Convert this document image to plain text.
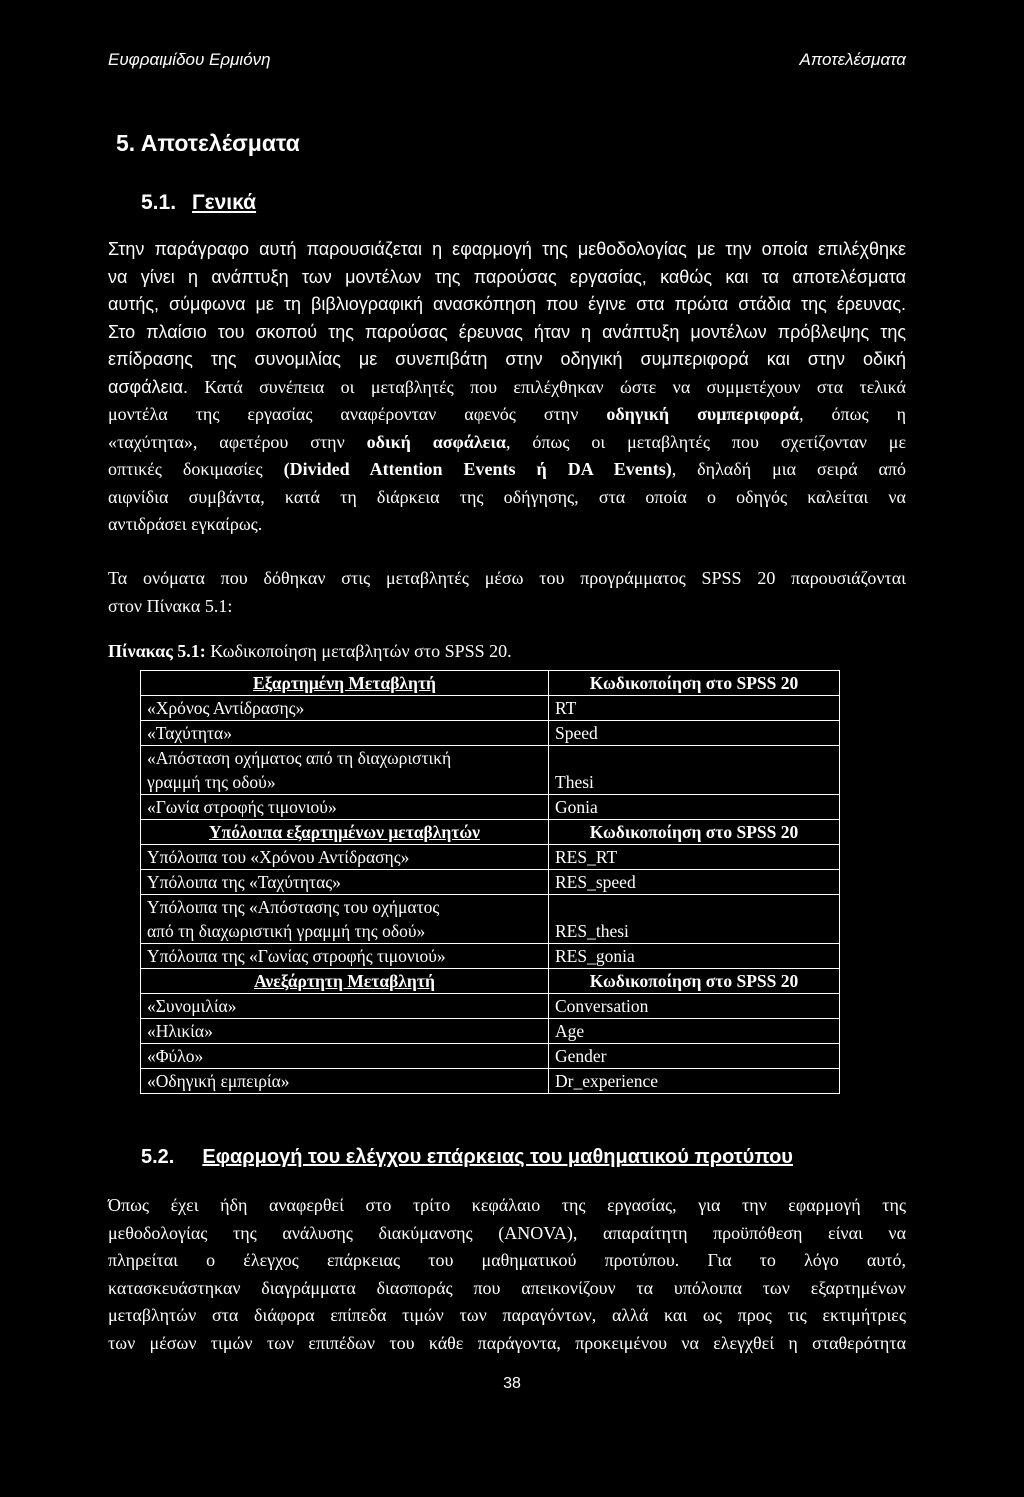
Ευφραιμίδου Ερμιόνη	Αποτελέσματα
5. Αποτελέσματα
5.1. Γενικά
Στην παράγραφο αυτή παρουσιάζεται η εφαρμογή της μεθοδολογίας με την οποία επιλέχθηκε
να γίνει η ανάπτυξη των μοντέλων της παρούσας εργασίας, καθώς και τα αποτελέσματα
αυτής, σύμφωνα με τη βιβλιογραφική ανασκόπηση που έγινε στα πρώτα στάδια της έρευνας.
Στο πλαίσιο του σκοπού της παρούσας έρευνας ήταν η ανάπτυξη μοντέλων πρόβλεψης της
επίδρασης της συνομιλίας με συνεπιβάτη στην οδηγική συμπεριφορά και στην οδική
ασφάλεια. Κατά συνέπεια οι μεταβλητές που επιλέχθηκαν ώστε να συμμετέχουν στα τελικά
μοντέλα της εργασίας αναφέρονταν αφενός στην οδηγική συμπεριφορά, όπως η
«ταχύτητα», αφετέρου στην οδική ασφάλεια, όπως οι μεταβλητές που σχετίζονταν με
οπτικές δοκιμασίες (Divided Attention Events ή DA Events), δηλαδή μια σειρά από
αιφνίδια συμβάντα, κατά τη διάρκεια της οδήγησης, στα οποία ο οδηγός καλείται να
αντιδράσει εγκαίρως.
Τα ονόματα που δόθηκαν στις μεταβλητές μέσω του προγράμματος SPSS 20 παρουσιάζονται
στον Πίνακα 5.1:
Πίνακας 5.1: Κωδικοποίηση μεταβλητών στο SPSS 20.
Εξαρτημένη Μεταβλητή	Κωδικοποίηση στο SPSS 20
«Χρόνος Αντίδρασης»	RT
«Ταχύτητα»	Speed
«Απόσταση οχήματος από τη διαχωριστική
γραμμή της οδού»	Thesi
«Γωνία στροφής τιμονιού»	Gonia
Υπόλοιπα εξαρτημένων μεταβλητών	Κωδικοποίηση στο SPSS 20
Υπόλοιπα του «Χρόνου Αντίδρασης»	RES_RT
Υπόλοιπα της «Ταχύτητας»	RES_speed
Υπόλοιπα της «Απόστασης του οχήματος
από τη διαχωριστική γραμμή της οδού»	RES_thesi
Υπόλοιπα της «Γωνίας στροφής τιμονιού»	RES_gonia
Ανεξάρτητη Μεταβλητή	Κωδικοποίηση στο SPSS 20
«Συνομιλία»	Conversation
«Ηλικία»	Age
«Φύλο»	Gender
«Οδηγική εμπειρία»	Dr_experience
5.2. Εφαρμογή του ελέγχου επάρκειας του μαθηματικού προτύπου
Όπως έχει ήδη αναφερθεί στο τρίτο κεφάλαιο της εργασίας, για την εφαρμογή της
μεθοδολογίας της ανάλυσης διακύμανσης (ANOVA), απαραίτητη προϋπόθεση είναι να
πληρείται ο έλεγχος επάρκειας του μαθηματικού προτύπου. Για το λόγο αυτό,
κατασκευάστηκαν διαγράμματα διασποράς που απεικονίζουν τα υπόλοιπα των εξαρτημένων
μεταβλητών στα διάφορα επίπεδα τιμών των παραγόντων, αλλά και ως προς τις εκτιμήτριες
των μέσων τιμών των επιπέδων του κάθε παράγοντα, προκειμένου να ελεγχθεί η σταθερότητα
38
